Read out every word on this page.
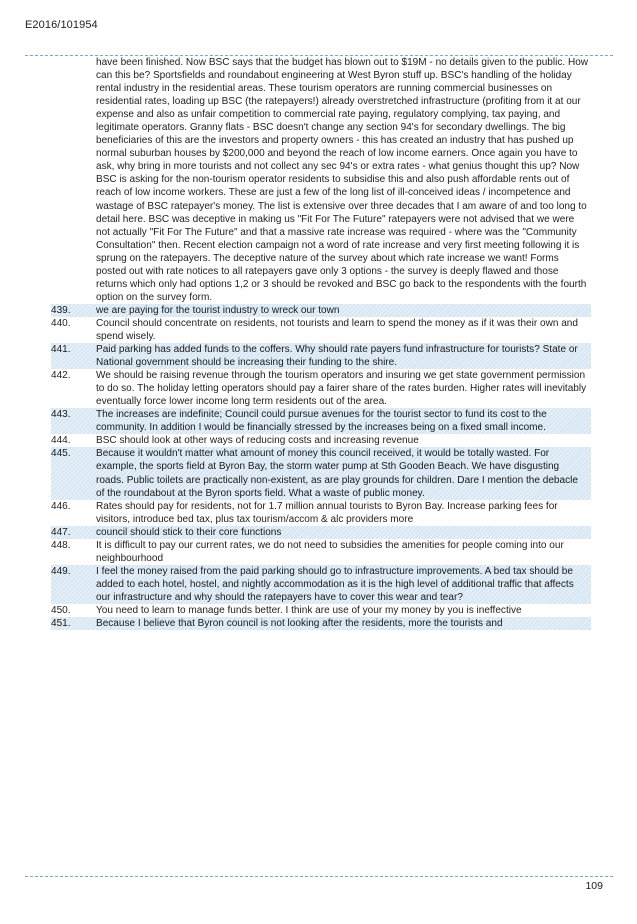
E2016/101954
have been finished. Now BSC says that the budget has blown out to $19M - no details given to the public. How can this be? Sportsfields and roundabout engineering at West Byron stuff up. BSC's handling of the holiday rental industry in the residential areas. These tourism operators are running commercial businesses on residential rates, loading up BSC (the ratepayers!) already overstretched infrastructure (profiting from it at our expense and also as unfair competition to commercial rate paying, regulatory complying, tax paying, and legitimate operators. Granny flats - BSC doesn't change any section 94's for secondary dwellings. The big beneficiaries of this are the investors and property owners - this has created an industry that has pushed up normal suburban houses by $200,000 and beyond the reach of low income earners. Once again you have to ask, why bring in more tourists and not collect any sec 94's or extra rates - what genius thought this up? Now BSC is asking for the non-tourism operator residents to subsidise this and also push affordable rents out of reach of low income workers. These are just a few of the long list of ill-conceived ideas / incompetence and wastage of BSC ratepayer's money. The list is extensive over three decades that I am aware of and too long to detail here. BSC was deceptive in making us "Fit For The Future" ratepayers were not advised that we were not actually "Fit For The Future" and that a massive rate increase was required - where was the "Community Consultation" then. Recent election campaign not a word of rate increase and very first meeting following it is sprung on the ratepayers. The deceptive nature of the survey about which rate increase we want! Forms posted out with rate notices to all ratepayers gave only 3 options - the survey is deeply flawed and those returns which only had options 1,2 or 3 should be revoked and BSC go back to the respondents with the fourth option on the survey form.
439.	we are paying for the tourist industry to wreck our town
440.	Council should concentrate on residents, not tourists and learn to spend the money as if it was their own and spend wisely.
441.	Paid parking has added funds to the coffers. Why should rate payers fund infrastructure for tourists? State or National government should be increasing their funding to the shire.
442.	We should be raising revenue through the tourism operators and insuring we get state government permission to do so. The holiday letting operators should pay a fairer share of the rates burden. Higher rates will inevitably eventually force lower income long term residents out of the area.
443.	The increases are indefinite; Council could pursue avenues for the tourist sector to fund its cost to the community. In addition I would be financially stressed by the increases being on a fixed small income.
444.	BSC should look at other ways of reducing costs and increasing revenue
445.	Because it wouldn't matter what amount of money this council received, it would be totally wasted. For example, the sports field at Byron Bay, the storm water pump at Sth Gooden Beach. We have disgusting roads. Public toilets are practically non-existent, as are play grounds for children. Dare I mention the debacle of the roundabout at the Byron sports field. What a waste of public money.
446.	Rates should pay for residents, not for 1.7 million annual tourists to Byron Bay. Increase parking fees for visitors, introduce bed tax, plus tax tourism/accom & alc providers more
447.	council should stick to their core functions
448.	It is difficult to pay our current rates, we do not need to subsidies the amenities for people coming into our neighbourhood
449.	I feel the money raised from the paid parking should go to infrastructure improvements. A bed tax should be added to each hotel, hostel, and nightly accommodation as it is the high level of additional traffic that affects our infrastructure and why should the ratepayers have to cover this wear and tear?
450.	You need to learn to manage funds better. I think are use of your my money by you is ineffective
451.	Because I believe that Byron council is not looking after the residents, more the tourists and
109
